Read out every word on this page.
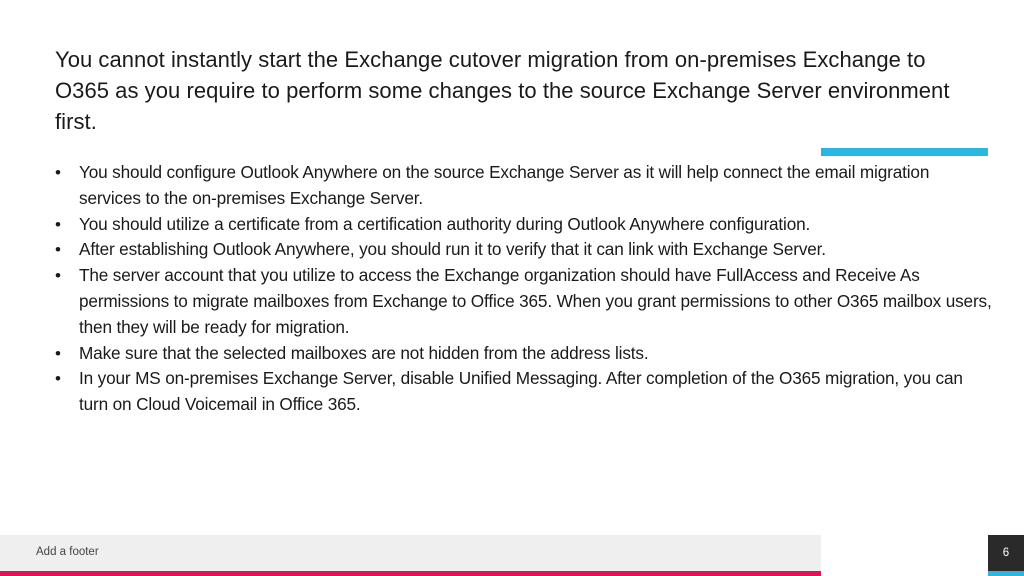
You cannot instantly start the Exchange cutover migration from on-premises Exchange to O365 as you require to perform some changes to the source Exchange Server environment first.
•	You should configure Outlook Anywhere on the source Exchange Server as it will help connect the email migration services to the on-premises Exchange Server.
•	You should utilize a certificate from a certification authority during Outlook Anywhere configuration.
•	After establishing Outlook Anywhere, you should run it to verify that it can link with Exchange Server.
•	The server account that you utilize to access the Exchange organization should have FullAccess and Receive As permissions to migrate mailboxes from Exchange to Office 365. When you grant permissions to other O365 mailbox users, then they will be ready for migration.
•	Make sure that the selected mailboxes are not hidden from the address lists.
•	In your MS on-premises Exchange Server, disable Unified Messaging. After completion of the O365 migration, you can turn on Cloud Voicemail in Office 365.
Add a footer	6
